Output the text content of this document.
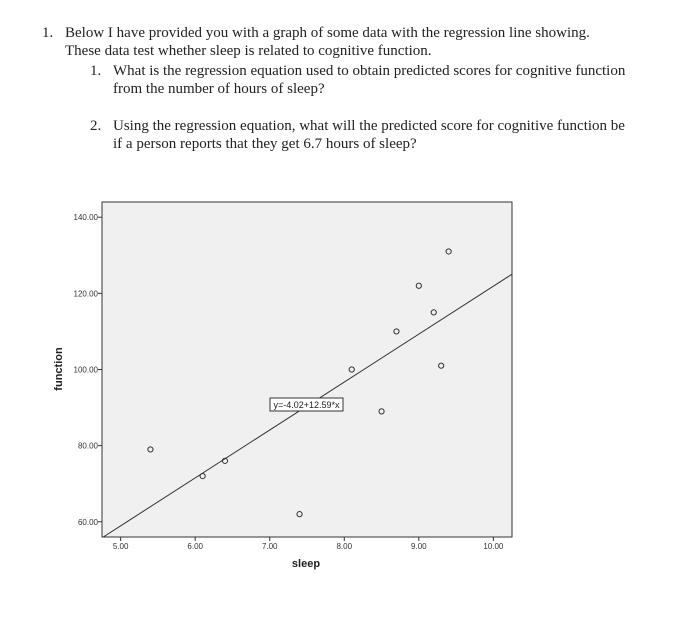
1. Below I have provided you with a graph of some data with the regression line showing.
These data test whether sleep is related to cognitive function.
1. What is the regression equation used to obtain predicted scores for cognitive function
from the number of hours of sleep?
2. Using the regression equation, what will the predicted score for cognitive function be
if a person reports that they get 6.7 hours of sleep?
5.00	6.00	7.00	8.00	9.00	10.00
60.00
80.00
100.00
120.00
140.00
y=-4.02+12.59*x
sleep
function
